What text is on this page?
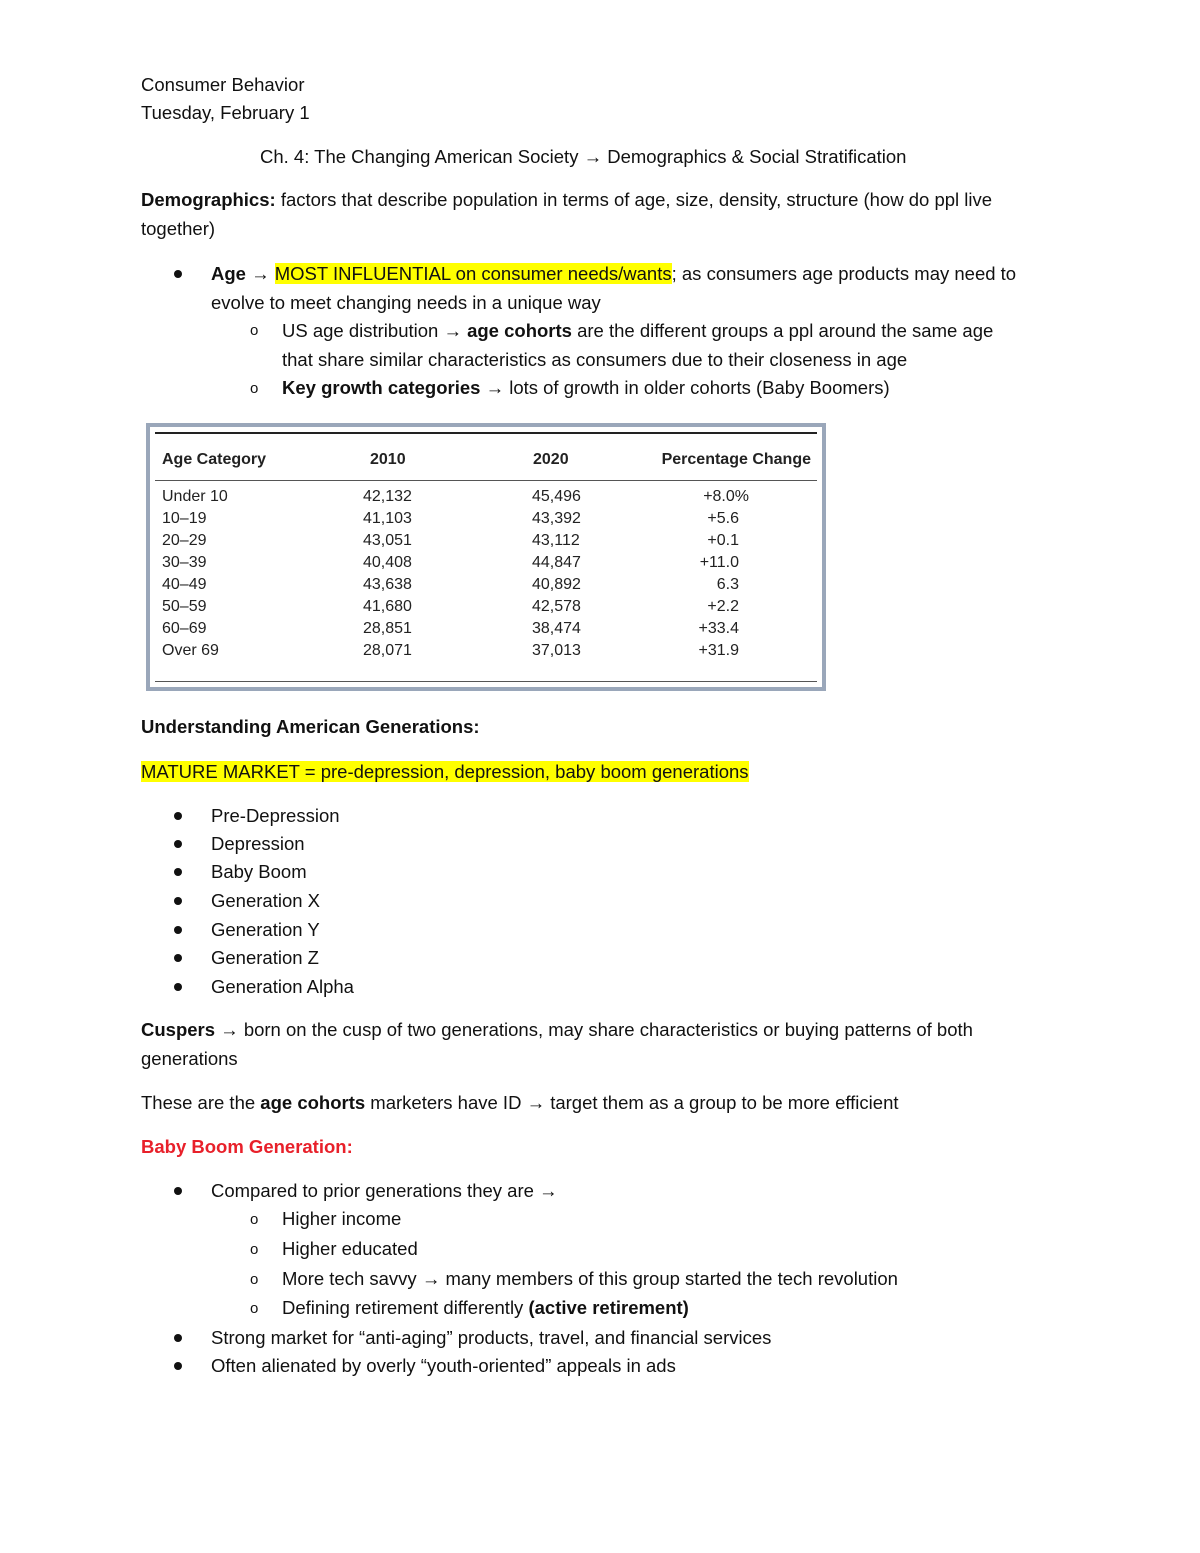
Consumer Behavior
Tuesday, February 1
Ch. 4: The Changing American Society → Demographics & Social Stratification
Demographics: factors that describe population in terms of age, size, density, structure (how do ppl live
together)
Age → MOST INFLUENTIAL on consumer needs/wants; as consumers age products may need to
evolve to meet changing needs in a unique way
o US age distribution → age cohorts are the different groups a ppl around the same age
that share similar characteristics as consumers due to their closeness in age
o Key growth categories → lots of growth in older cohorts (Baby Boomers)
Age Category	2010	2020	Percentage Change
Under 10	42,132	45,496	+8.0%
10–19	41,103	43,392	+5.6
20–29	43,051	43,112	+0.1
30–39	40,408	44,847	+11.0
40–49	43,638	40,892	6.3
50–59	41,680	42,578	+2.2
60–69	28,851	38,474	+33.4
Over 69	28,071	37,013	+31.9
Understanding American Generations:
MATURE MARKET = pre-depression, depression, baby boom generations
Pre-Depression
Depression
Baby Boom
Generation X
Generation Y
Generation Z
Generation Alpha
Cuspers → born on the cusp of two generations, may share characteristics or buying patterns of both
generations
These are the age cohorts marketers have ID → target them as a group to be more efficient
Baby Boom Generation:
Compared to prior generations they are →
o Higher income
o Higher educated
o More tech savvy → many members of this group started the tech revolution
o Defining retirement differently (active retirement)
Strong market for “anti-aging” products, travel, and financial services
Often alienated by overly “youth-oriented” appeals in ads
